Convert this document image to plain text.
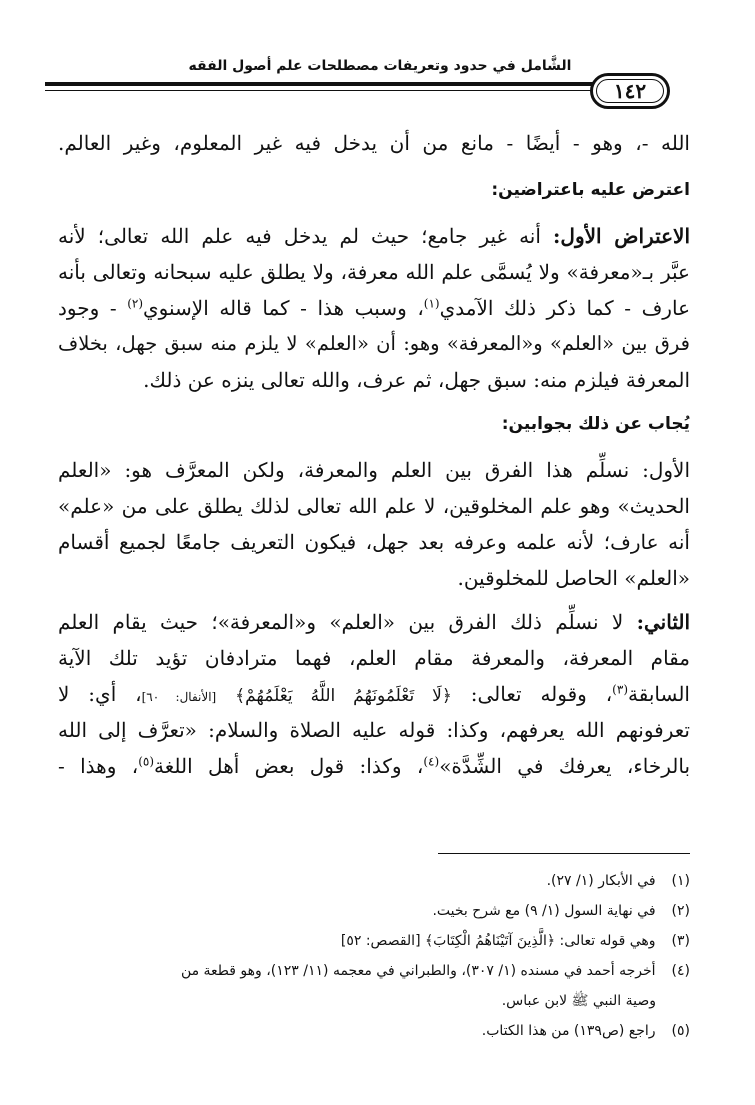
الشَّامل في حدود وتعريفات مصطلحات علم أصول الفقه
١٤٢
الله -، وهو - أيضًا - مانع من أن يدخل فيه غير المعلوم، وغير العالم.
اعترض عليه باعتراضين:
الاعتراض الأول: أنه غير جامع؛ حيث لم يدخل فيه علم الله تعالى؛ لأنه
عبَّر بـ«معرفة» ولا يُسمَّى علم الله معرفة، ولا يطلق عليه سبحانه وتعالى بأنه
عارف - كما ذكر ذلك الآمدي$^{(١)}$، وسبب هذا - كما قاله الإسنوي$^{(٢)}$ - وجود
فرق بين «العلم» و«المعرفة» وهو: أن «العلم» لا يلزم منه سبق جهل، بخلاف
المعرفة فيلزم منه: سبق جهل، ثم عرف، والله تعالى ينزه عن ذلك.
يُجاب عن ذلك بجوابين:
الأول: نسلِّم هذا الفرق بين العلم والمعرفة، ولكن المعرَّف هو: «العلم
الحديث» وهو علم المخلوقين، لا علم الله تعالى لذلك يطلق على من «علم»
أنه عارف؛ لأنه علمه وعرفه بعد جهل، فيكون التعريف جامعًا لجميع أقسام
«العلم» الحاصل للمخلوقين.
الثاني: لا نسلِّم ذلك الفرق بين «العلم» و«المعرفة»؛ حيث يقام العلم
مقام المعرفة، والمعرفة مقام العلم، فهما مترادفان تؤيد تلك الآية
السابقة$^{(٣)}$، وقوله تعالى: ﴿لَا تَعْلَمُونَهُمُ اللَّهُ يَعْلَمُهُمْ﴾ [الأنفال: ٦٠]، أي: لا
تعرفونهم الله يعرفهم، وكذا: قوله عليه الصلاة والسلام: «تعرَّف إلى الله
بالرخاء، يعرفك في الشِّدَّة»$^{(٤)}$، وكذا: قول بعض أهل اللغة$^{(٥)}$، وهذا -
(١) في الأبكار (١/ ٢٧).
(٢) في نهاية السول (١/ ٩) مع شرح بخيت.
(٣) وهي قوله تعالى: ﴿الَّذِينَ آتَيْنَاهُمُ الْكِتَابَ﴾ [القصص: ٥٢]
(٤) أخرجه أحمد في مسنده (١/ ٣٠٧)، والطبراني في معجمه (١١/ ١٢٣)، وهو قطعة من
وصية النبي ﷺ لابن عباس.
(٥) راجع (ص١٣٩) من هذا الكتاب.
